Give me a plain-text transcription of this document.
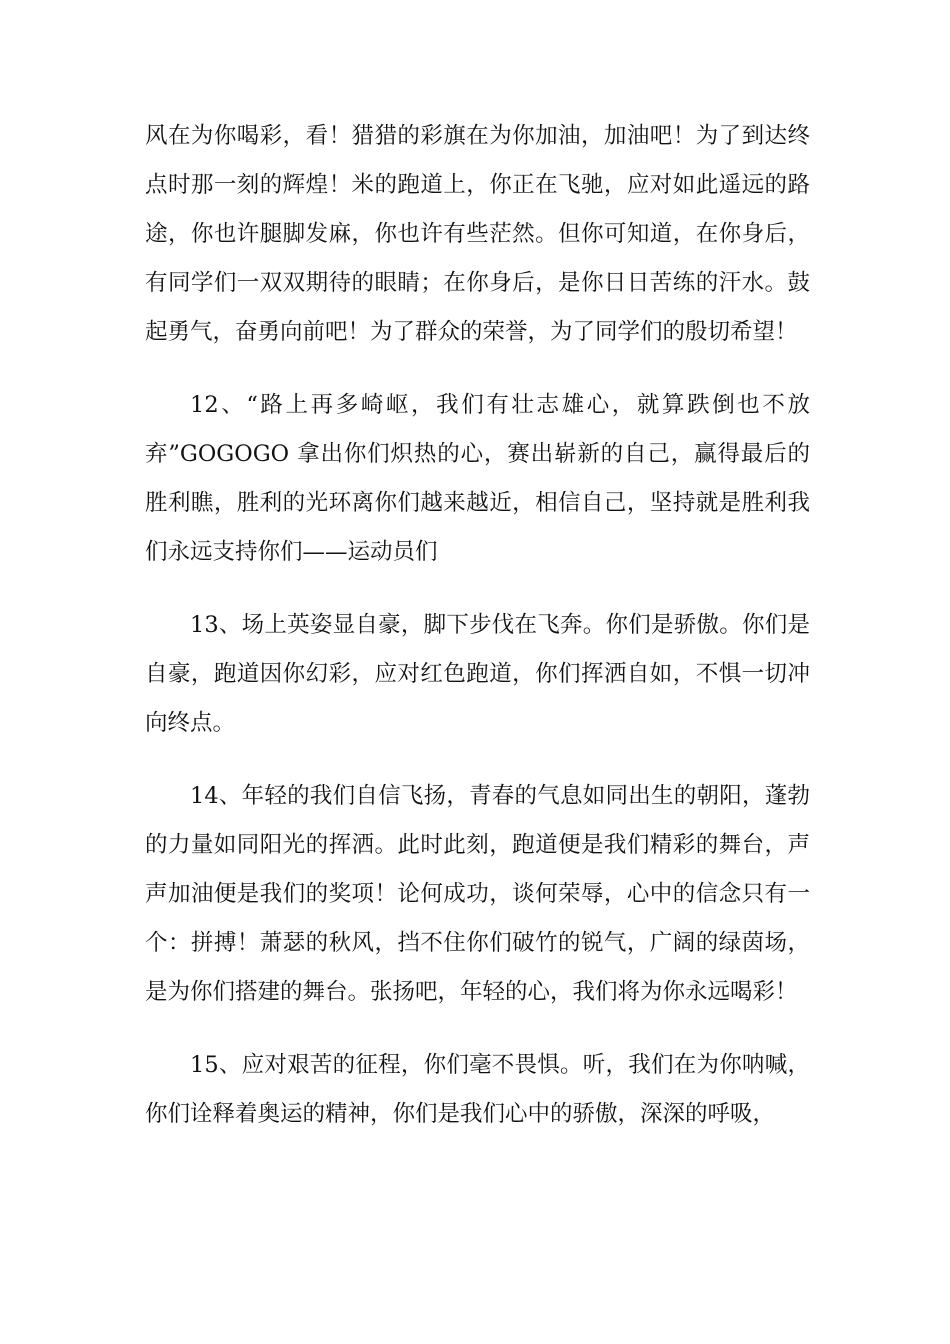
风在为你喝彩，看！猎猎的彩旗在为你加油，加油吧！为了到达终点时那一刻的辉煌！米的跑道上，你正在飞驰，应对如此遥远的路途，你也许腿脚发麻，你也许有些茫然。但你可知道，在你身后，有同学们一双双期待的眼睛；在你身后，是你日日苦练的汗水。鼓起勇气，奋勇向前吧！为了群众的荣誉，为了同学们的殷切希望！

12、“路上再多崎岖，我们有壮志雄心，就算跌倒也不放弃”GOGOGO 拿出你们炽热的心，赛出崭新的自己，赢得最后的胜利瞧，胜利的光环离你们越来越近，相信自己，坚持就是胜利我们永远支持你们——运动员们

13、场上英姿显自豪，脚下步伐在飞奔。你们是骄傲。你们是自豪，跑道因你幻彩，应对红色跑道，你们挥洒自如，不惧一切冲向终点。

14、年轻的我们自信飞扬，青春的气息如同出生的朝阳，蓬勃的力量如同阳光的挥洒。此时此刻，跑道便是我们精彩的舞台，声声加油便是我们的奖项！论何成功，谈何荣辱，心中的信念只有一个：拼搏！萧瑟的秋风，挡不住你们破竹的锐气，广阔的绿茵场，是为你们搭建的舞台。张扬吧，年轻的心，我们将为你永远喝彩！

15、应对艰苦的征程，你们毫不畏惧。听，我们在为你呐喊，你们诠释着奥运的精神，你们是我们心中的骄傲，深深的呼吸，
